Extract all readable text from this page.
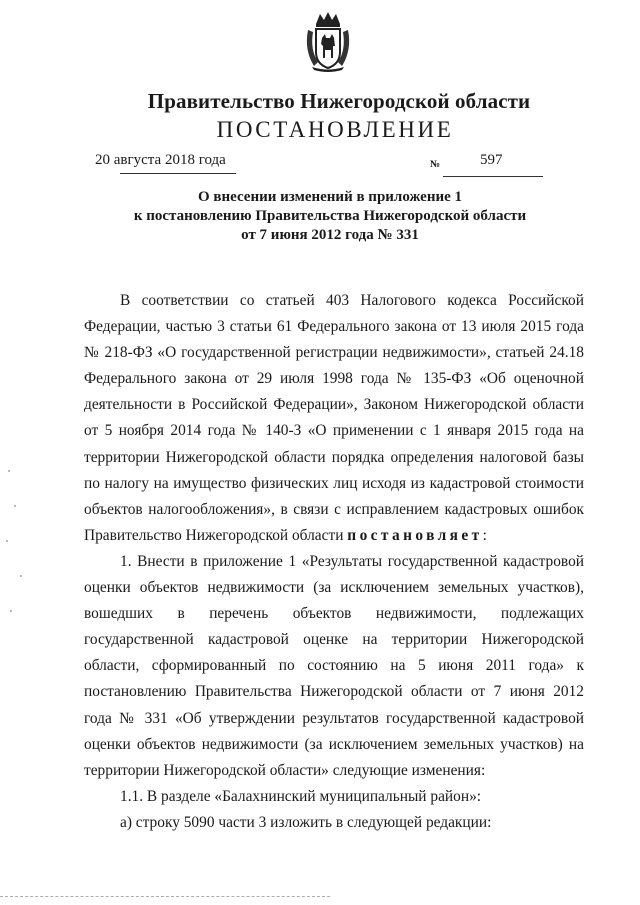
Правительство Нижегородской области
ПОСТАНОВЛЕНИЕ
20 августа 2018 года	№	597
О внесении изменений в приложение 1
к постановлению Правительства Нижегородской области
от 7 июня 2012 года № 331
В соответствии со статьей 403 Налогового кодекса Российской
Федерации, частью 3 статьи 61 Федерального закона от 13 июля 2015 года
№ 218-ФЗ «О государственной регистрации недвижимости», статьей 24.18
Федерального закона от 29 июля 1998 года № 135-ФЗ «Об оценочной
деятельности в Российской Федерации», Законом Нижегородской области
от 5 ноября 2014 года № 140-З «О применении с 1 января 2015 года на
территории Нижегородской области порядка определения налоговой базы
по налогу на имущество физических лиц исходя из кадастровой стоимости
объектов налогообложения», в связи с исправлением кадастровых ошибок
Правительство Нижегородской области постановляет:
1. Внести в приложение 1 «Результаты государственной кадастровой
оценки объектов недвижимости (за исключением земельных участков),
вошедших в перечень объектов недвижимости, подлежащих
государственной кадастровой оценке на территории Нижегородской
области, сформированный по состоянию на 5 июня 2011 года» к
постановлению Правительства Нижегородской области от 7 июня 2012
года № 331 «Об утверждении результатов государственной кадастровой
оценки объектов недвижимости (за исключением земельных участков) на
территории Нижегородской области» следующие изменения:
1.1. В разделе «Балахнинский муниципальный район»:
а) строку 5090 части 3 изложить в следующей редакции:
